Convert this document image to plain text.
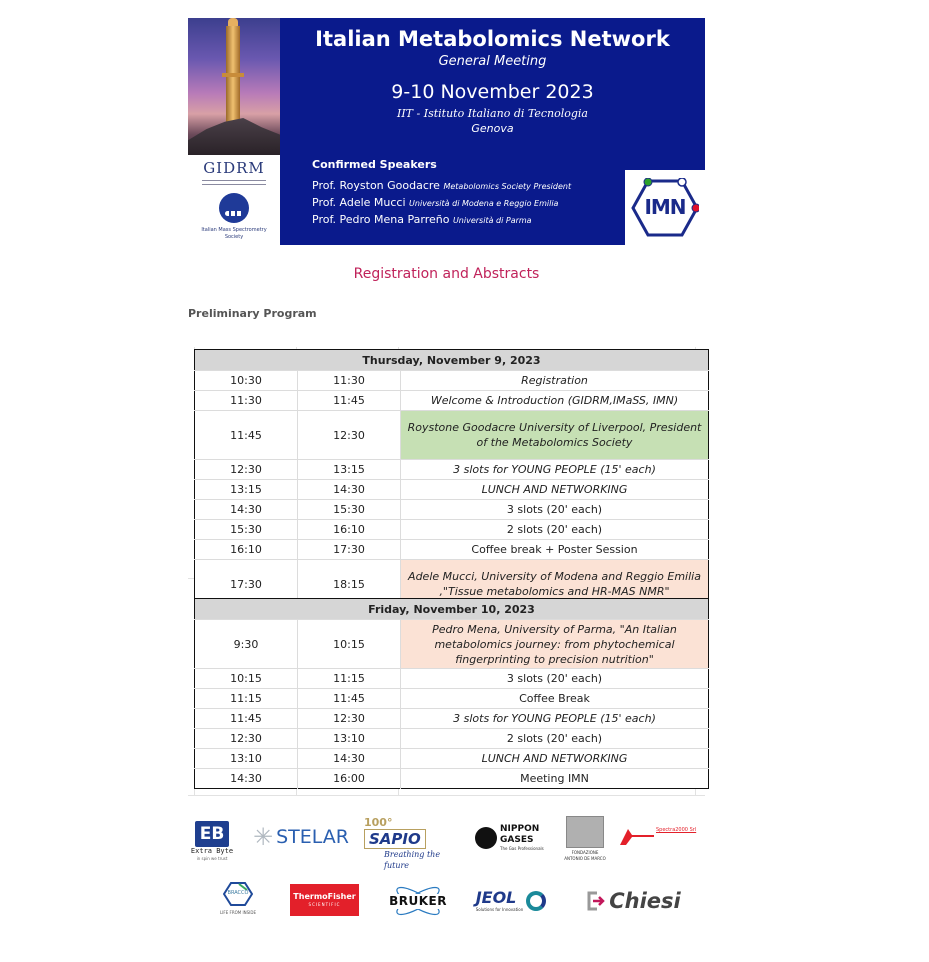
GIDRM
Italian Mass Spectrometry Society
Italian Metabolomics Network
General Meeting
9-10 November 2023
IIT - Istituto Italiano di Tecnologia
Genova
Confirmed Speakers
Prof. Royston Goodacre Metabolomics Society President
Prof. Adele Mucci Università di Modena e Reggio Emilia
Prof. Pedro Mena Parreño Università di Parma
IMN
Registration and Abstracts
Preliminary Program
Thursday, November 9, 2023		
10:30	11:30	Registration
11:30	11:45	Welcome & Introduction (GIDRM,IMaSS, IMN)
11:45	12:30	Roystone Goodacre University of Liverpool, President of the Metabolomics Society
12:30	13:15	3 slots for YOUNG PEOPLE (15' each)
13:15	14:30	LUNCH AND NETWORKING
14:30	15:30	3 slots (20' each)
15:30	16:10	2 slots (20' each)
16:10	17:30	Coffee break + Poster Session
17:30	18:15	Adele Mucci, University of Modena and Reggio Emilia ,"Tissue metabolomics and HR-MAS NMR"
Friday, November 10, 2023		
9:30	10:15	Pedro Mena, University of Parma, "An Italian metabolomics journey: from phytochemical fingerprinting to precision nutrition"
10:15	11:15	3 slots (20' each)
11:15	11:45	Coffee Break
11:45	12:30	3 slots for YOUNG PEOPLE (15' each)
12:30	13:10	2 slots (20' each)
13:10	14:30	LUNCH AND NETWORKING
14:30	16:00	Meeting IMN
EB
Extra Byte
in spin we trust
✳ STELAR
100°
SAPIO
Breathing the future
NIPPON GASES
The Gas Professionals
FONDAZIONE ANTONIO DE MARCO
Spectra2000 Srl
BRACCO
LIFE FROM INSIDE
ThermoFisher
SCIENTIFIC	BRUKER JEOL
Solutions for Innovation	Chiesi
